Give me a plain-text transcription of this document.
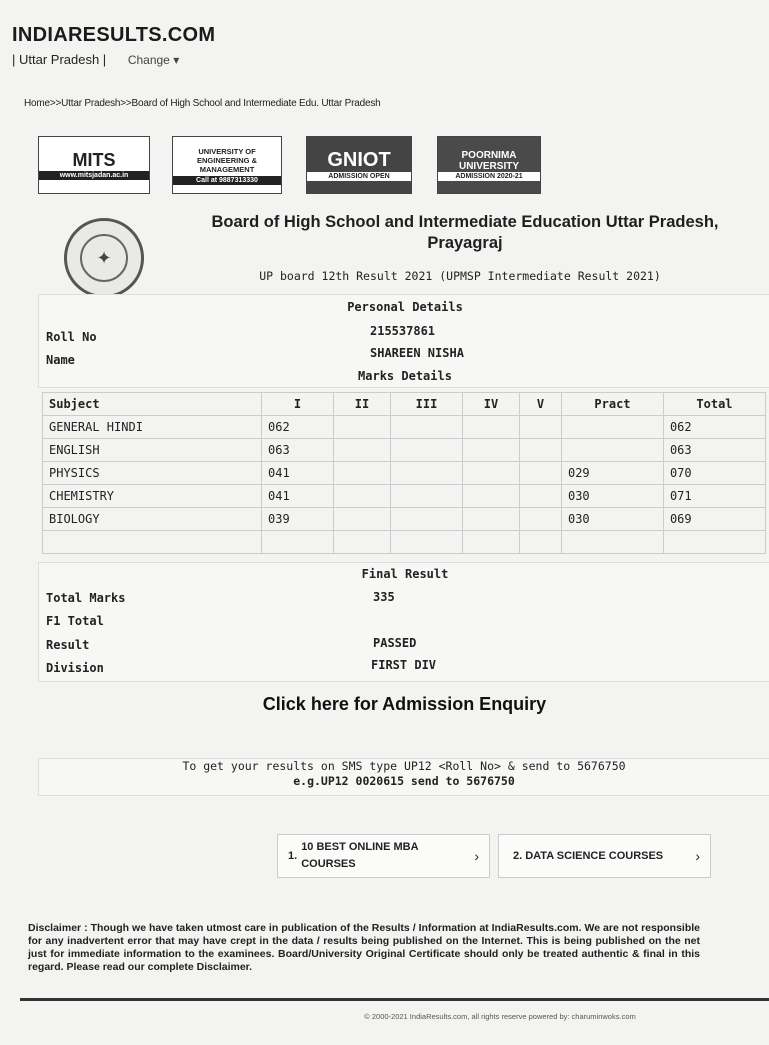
INDIARESULTS.COM
| Uttar Pradesh | Change ▾
Home>>Uttar Pradesh>>Board of High School and Intermediate Edu. Uttar Pradesh
MITS
www.mitsjadan.ac.in
UNIVERSITY OF ENGINEERING & MANAGEMENT
Call at 9887313330
GNIOT
ADMISSION OPEN
POORNIMA UNIVERSITY
ADMISSION 2020-21
✦
Board of High School and Intermediate Education Uttar Pradesh,
Prayagraj
UP board 12th Result 2021 (UPMSP Intermediate Result 2021)
Personal Details
Roll No	215537861
Name	SHAREEN NISHA
Marks Details
Subject	I	II	III	IV	V	Pract	Total
GENERAL HINDI	062						062
ENGLISH	063						063
PHYSICS	041					029	070
CHEMISTRY	041					030	071
BIOLOGY	039					030	069

Final Result
Total Marks	335
F1 Total
Result	PASSED
Division	FIRST DIV
Click here for Admission Enquiry
To get your results on SMS type UP12 <Roll No> & send to 5676750
e.g.UP12 0020615 send to 5676750
1.
10 BEST ONLINE MBA COURSES	›	2. DATA SCIENCE COURSES ›
Disclaimer : Though we have taken utmost care in publication of the Results / Information at IndiaResults.com. We are not responsible for any inadvertent error that may have crept in the data / results being published on the Internet. This is being published on the net just for immediate information to the examinees. Board/University Original Certificate should only be treated authentic & final in this regard. Please read our complete Disclaimer.
© 2000-2021 IndiaResults.com, all rights reserve powered by: charuminwoks.com
